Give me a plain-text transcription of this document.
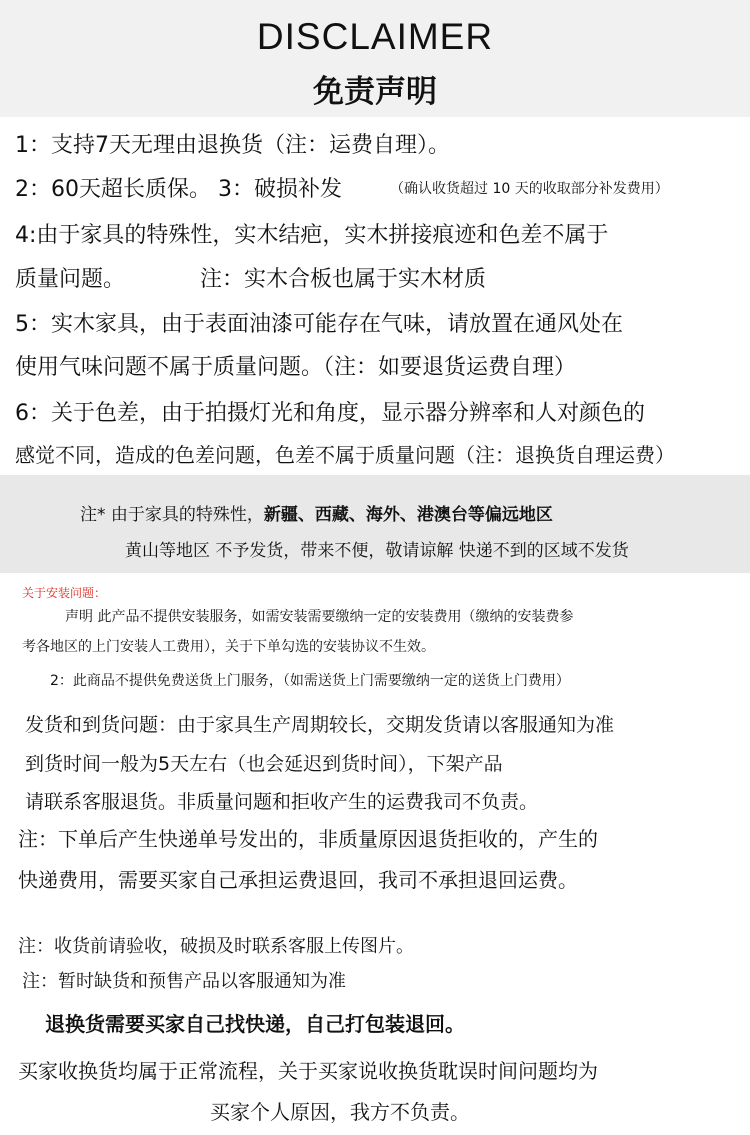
DISCLAIMER
免责声明
1：支持7天无理由退换货（注：运费自理）。
2：60天超长质保。 3：破损补发	（确认收货超过 10 天的收取部分补发费用）
4:由于家具的特殊性，实木结疤，实木拼接痕迹和色差不属于
质量问题。	注：实木合板也属于实木材质
5：实木家具，由于表面油漆可能存在气味，请放置在通风处在
使用气味问题不属于质量问题。（注：如要退货运费自理）
6：关于色差，由于拍摄灯光和角度，显示器分辨率和人对颜色的
感觉不同，造成的色差问题，色差不属于质量问题（注：退换货自理运费）
注* 由于家具的特殊性，新疆、西藏、海外、港澳台等偏远地区
黄山等地区 不予发货，带来不便，敬请谅解 快递不到的区域不发货
关于安装问题：
声明 此产品不提供安装服务，如需安装需要缴纳一定的安装费用（缴纳的安装费参
考各地区的上门安装人工费用），关于下单勾选的安装协议不生效。
2：此商品不提供免费送货上门服务，（如需送货上门需要缴纳一定的送货上门费用）
发货和到货问题：由于家具生产周期较长，交期发货请以客服通知为准
到货时间一般为5天左右（也会延迟到货时间），下架产品
请联系客服退货。非质量问题和拒收产生的运费我司不负责。
注：下单后产生快递单号发出的，非质量原因退货拒收的，产生的
快递费用，需要买家自己承担运费退回，我司不承担退回运费。
注：收货前请验收，破损及时联系客服上传图片。
注：暂时缺货和预售产品以客服通知为准
退换货需要买家自己找快递，自己打包装退回。
买家收换货均属于正常流程，关于买家说收换货耽误时间问题均为
买家个人原因，我方不负责。
